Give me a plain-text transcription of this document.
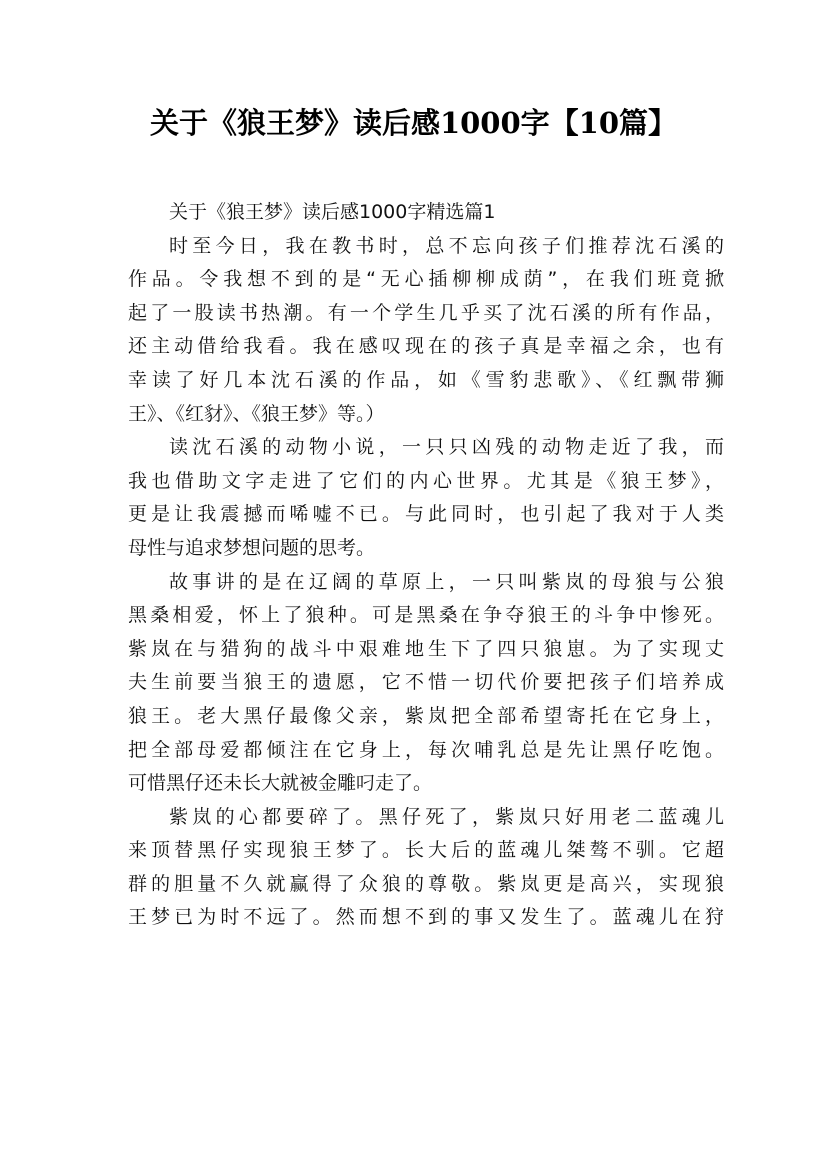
关于《狼王梦》读后感1000字【10篇】
关于《狼王梦》读后感1000字精选篇1
时至今日，我在教书时，总不忘向孩子们推荐沈石溪的
作品。令我想不到的是“无心插柳柳成荫”，在我们班竟掀
起了一股读书热潮。有一个学生几乎买了沈石溪的所有作品，
还主动借给我看。我在感叹现在的孩子真是幸福之余，也有
幸读了好几本沈石溪的作品，如《雪豹悲歌》、《红飘带狮
王》、《红豺》、《狼王梦》等。）
读沈石溪的动物小说，一只只凶残的动物走近了我，而
我也借助文字走进了它们的内心世界。尤其是《狼王梦》，
更是让我震撼而唏嘘不已。与此同时，也引起了我对于人类
母性与追求梦想问题的思考。
故事讲的是在辽阔的草原上，一只叫紫岚的母狼与公狼
黑桑相爱，怀上了狼种。可是黑桑在争夺狼王的斗争中惨死。
紫岚在与猎狗的战斗中艰难地生下了四只狼崽。为了实现丈
夫生前要当狼王的遗愿，它不惜一切代价要把孩子们培养成
狼王。老大黑仔最像父亲，紫岚把全部希望寄托在它身上，
把全部母爱都倾注在它身上，每次哺乳总是先让黑仔吃饱。
可惜黑仔还未长大就被金雕叼走了。
紫岚的心都要碎了。黑仔死了，紫岚只好用老二蓝魂儿
来顶替黑仔实现狼王梦了。长大后的蓝魂儿桀骜不驯。它超
群的胆量不久就赢得了众狼的尊敬。紫岚更是高兴，实现狼
王梦已为时不远了。然而想不到的事又发生了。蓝魂儿在狩
